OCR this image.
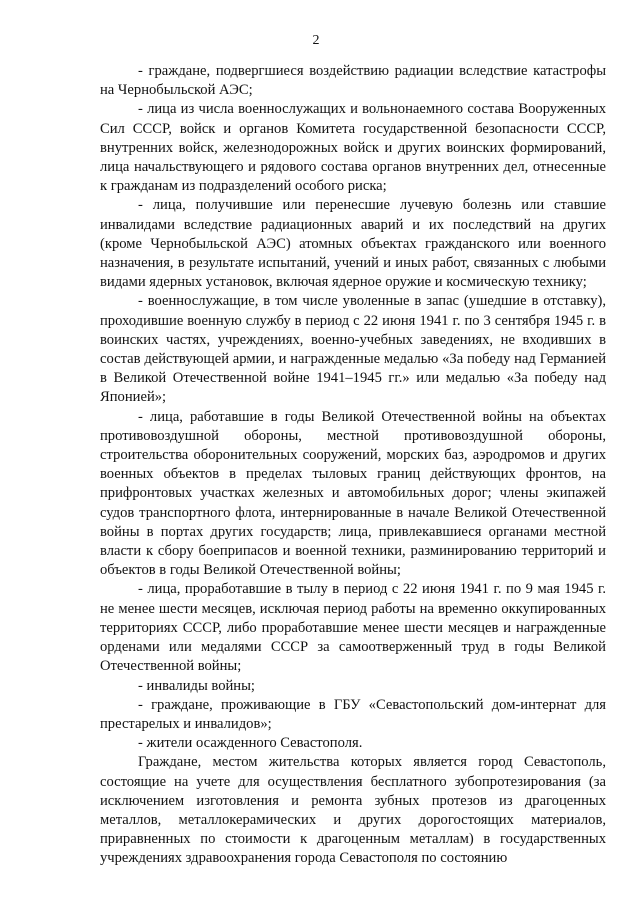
2

- граждане, подвергшиеся воздействию радиации вследствие катастрофы на Чернобыльской АЭС;

- лица из числа военнослужащих и вольнонаемного состава Вооруженных Сил СССР, войск и органов Комитета государственной безопасности СССР, внутренних войск, железнодорожных войск и других воинских формирований, лица начальствующего и рядового состава органов внутренних дел, отнесенные к гражданам из подразделений особого риска;

- лица, получившие или перенесшие лучевую болезнь или ставшие инвалидами вследствие радиационных аварий и их последствий на других (кроме Чернобыльской АЭС) атомных объектах гражданского или военного назначения, в результате испытаний, учений и иных работ, связанных с любыми видами ядерных установок, включая ядерное оружие и космическую технику;

- военнослужащие, в том числе уволенные в запас (ушедшие в отставку), проходившие военную службу в период с 22 июня 1941 г. по 3 сентября 1945 г. в воинских частях, учреждениях, военно-учебных заведениях, не входивших в состав действующей армии, и награжденные медалью «За победу над Германией в Великой Отечественной войне 1941–1945 гг.» или медалью «За победу над Японией»;

- лица, работавшие в годы Великой Отечественной войны на объектах противовоздушной обороны, местной противовоздушной обороны, строительства оборонительных сооружений, морских баз, аэродромов и других военных объектов в пределах тыловых границ действующих фронтов, на прифронтовых участках железных и автомобильных дорог; члены экипажей судов транспортного флота, интернированные в начале Великой Отечественной войны в портах других государств; лица, привлекавшиеся органами местной власти к сбору боеприпасов и военной техники, разминированию территорий и объектов в годы Великой Отечественной войны;

- лица, проработавшие в тылу в период с 22 июня 1941 г. по 9 мая 1945 г. не менее шести месяцев, исключая период работы на временно оккупированных территориях СССР, либо проработавшие менее шести месяцев и награжденные орденами или медалями СССР за самоотверженный труд в годы Великой Отечественной войны;

- инвалиды войны;

- граждане, проживающие в ГБУ «Севастопольский дом-интернат для престарелых и инвалидов»;

- жители осажденного Севастополя.

Граждане, местом жительства которых является город Севастополь, состоящие на учете для осуществления бесплатного зубопротезирования (за исключением изготовления и ремонта зубных протезов из драгоценных металлов, металлокерамических и других дорогостоящих материалов, приравненных по стоимости к драгоценным металлам) в государственных учреждениях здравоохранения города Севастополя по состоянию
